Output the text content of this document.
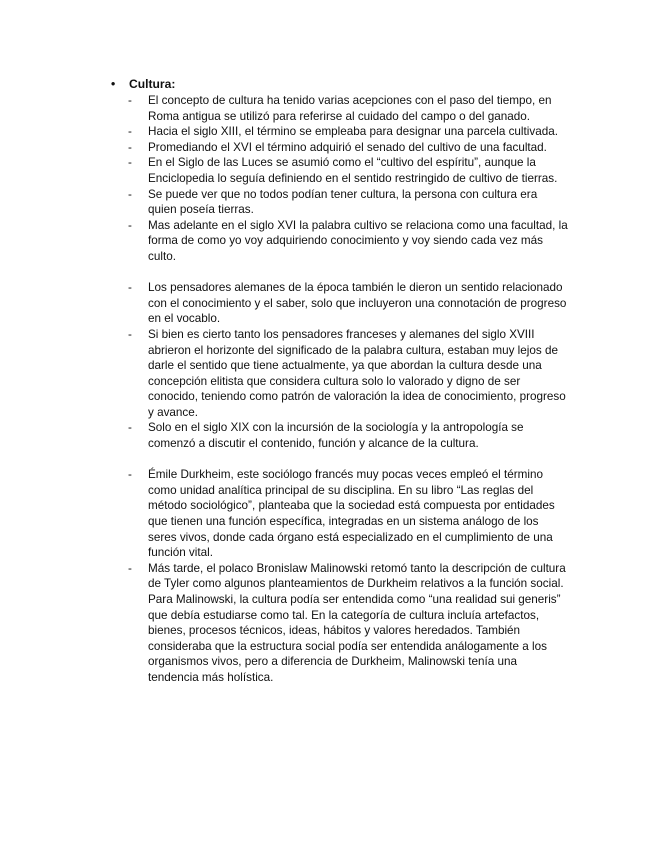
•	Cultura:
- El concepto de cultura ha tenido varias acepciones con el paso del tiempo, en Roma antigua se utilizó para referirse al cuidado del campo o del ganado.
- Hacia el siglo XIII, el término se empleaba para designar una parcela cultivada.
- Promediando el XVI el término adquirió el senado del cultivo de una facultad.
- En el Siglo de las Luces se asumió como el “cultivo del espíritu”, aunque la Enciclopedia lo seguía definiendo en el sentido restringido de cultivo de tierras.
- Se puede ver que no todos podían tener cultura, la persona con cultura era quien poseía tierras.
- Mas adelante en el siglo XVI la palabra cultivo se relaciona como una facultad, la forma de como yo voy adquiriendo conocimiento y voy siendo cada vez más culto.
- Los pensadores alemanes de la época también le dieron un sentido relacionado con el conocimiento y el saber, solo que incluyeron una connotación de progreso en el vocablo.
- Si bien es cierto tanto los pensadores franceses y alemanes del siglo XVIII abrieron el horizonte del significado de la palabra cultura, estaban muy lejos de darle el sentido que tiene actualmente, ya que abordan la cultura desde una concepción elitista que considera cultura solo lo valorado y digno de ser conocido, teniendo como patrón de valoración la idea de conocimiento, progreso y avance.
- Solo en el siglo XIX con la incursión de la sociología y la antropología se comenzó a discutir el contenido, función y alcance de la cultura.
- Émile Durkheim, este sociólogo francés muy pocas veces empleó el término como unidad analítica principal de su disciplina. En su libro “Las reglas del método sociológico”, planteaba que la sociedad está compuesta por entidades que tienen una función específica, integradas en un sistema análogo de los seres vivos, donde cada órgano está especializado en el cumplimiento de una función vital.
- Más tarde, el polaco Bronislaw Malinowski retomó tanto la descripción de cultura de Tyler como algunos planteamientos de Durkheim relativos a la función social. Para Malinowski, la cultura podía ser entendida como “una realidad sui generis” que debía estudiarse como tal. En la categoría de cultura incluía artefactos, bienes, procesos técnicos, ideas, hábitos y valores heredados. También consideraba que la estructura social podía ser entendida análogamente a los organismos vivos, pero a diferencia de Durkheim, Malinowski tenía una tendencia más holística.
